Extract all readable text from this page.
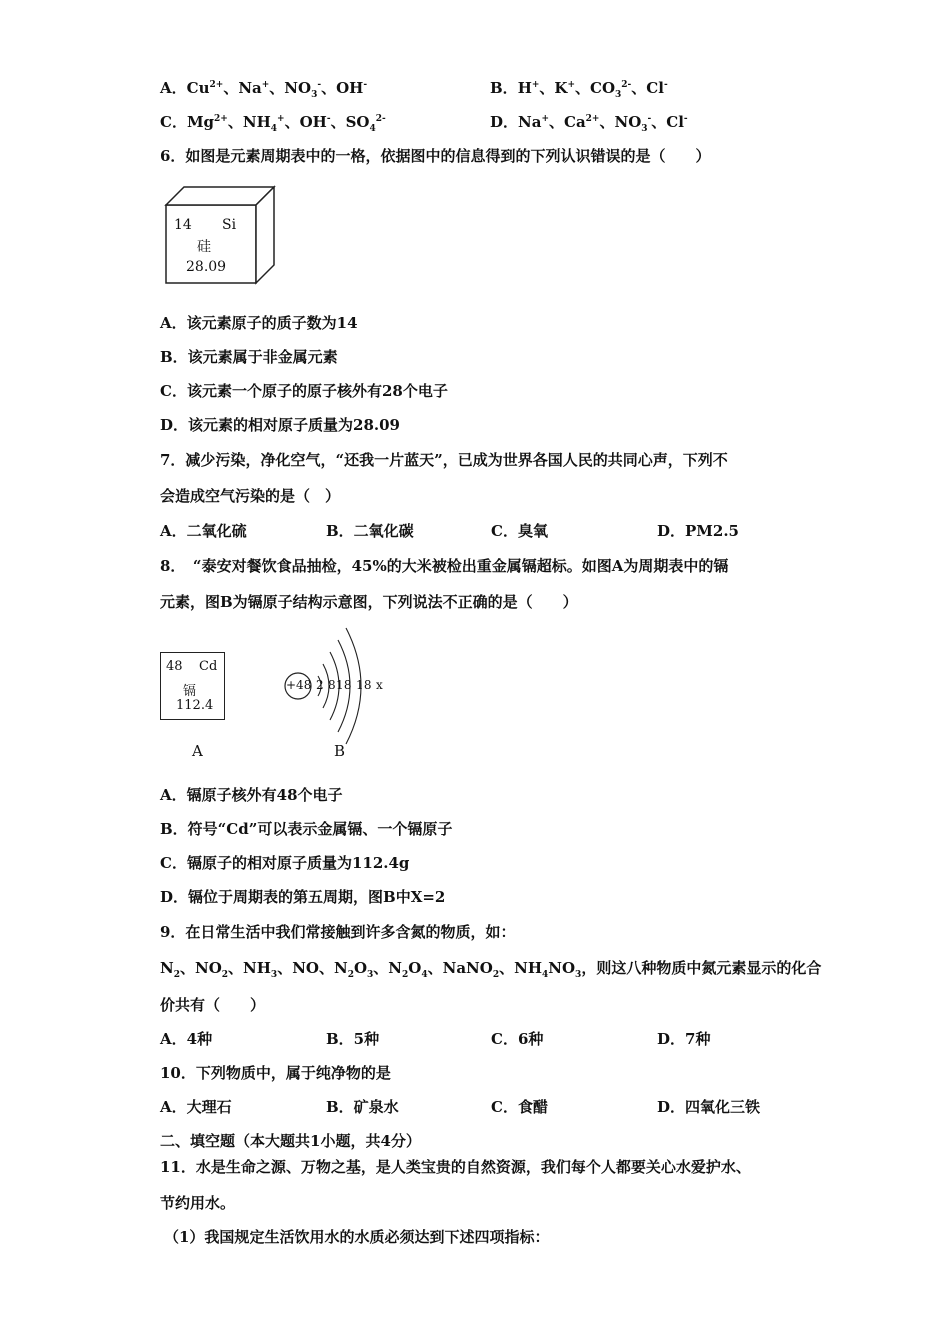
A．$Cu^{2+}$、Na+、$NO_3^-$、OH-	B．H+、K+、$CO_3^{2-}$、Cl-
C．$Mg^{2+}$、$NH_4^+$、OH-、$SO_4^{2-}$	D．Na+、$Ca^{2+}$、$NO_3^-$、Cl-
6．如图是元素周期表中的一格，依据图中的信息得到的下列认识错误的是（　　）
14 Si
硅
28.09
A．该元素原子的质子数为14
B．该元素属于非金属元素
C．该元素一个原子的原子核外有28个电子
D．该元素的相对原子质量为28.09
7．减少污染，净化空气，“还我一片蓝天”，已成为世界各国人民的共同心声，下列不
会造成空气污染的是（　）
A．二氧化硫	B．二氧化碳	C．臭氧	D．PM2.5
8．　“泰安对餐饮食品抽检，45%的大米被检出重金属镉超标。如图A为周期表中的镉
元素，图B为镉原子结构示意图，下列说法不正确的是（　　）
48 Cd
镉
112.4
A
+48 2 818 18 x
B
A．镉原子核外有48个电子
B．符号“Cd”可以表示金属镉、一个镉原子
C．镉原子的相对原子质量为112.4g
D．镉位于周期表的第五周期，图B中X=2
9．在日常生活中我们常接触到许多含氮的物质，如：
$N_2$、$NO_2$、$NH_3$、NO、$N_2O_3$、$N_2O_4$、NaNO$_2$、$NH_4NO_3$，则这八种物质中氮元素显示的化合
价共有（　　）
A．4种	B．5种	C．6种	D．7种
10．下列物质中，属于纯净物的是
A．大理石	B．矿泉水	C．食醋	D．四氧化三铁
二、填空题（本大题共1小题，共4分）
11．水是生命之源、万物之基，是人类宝贵的自然资源，我们每个人都要关心水爱护水、
节约用水。
（1）我国规定生活饮用水的水质必须达到下述四项指标：
